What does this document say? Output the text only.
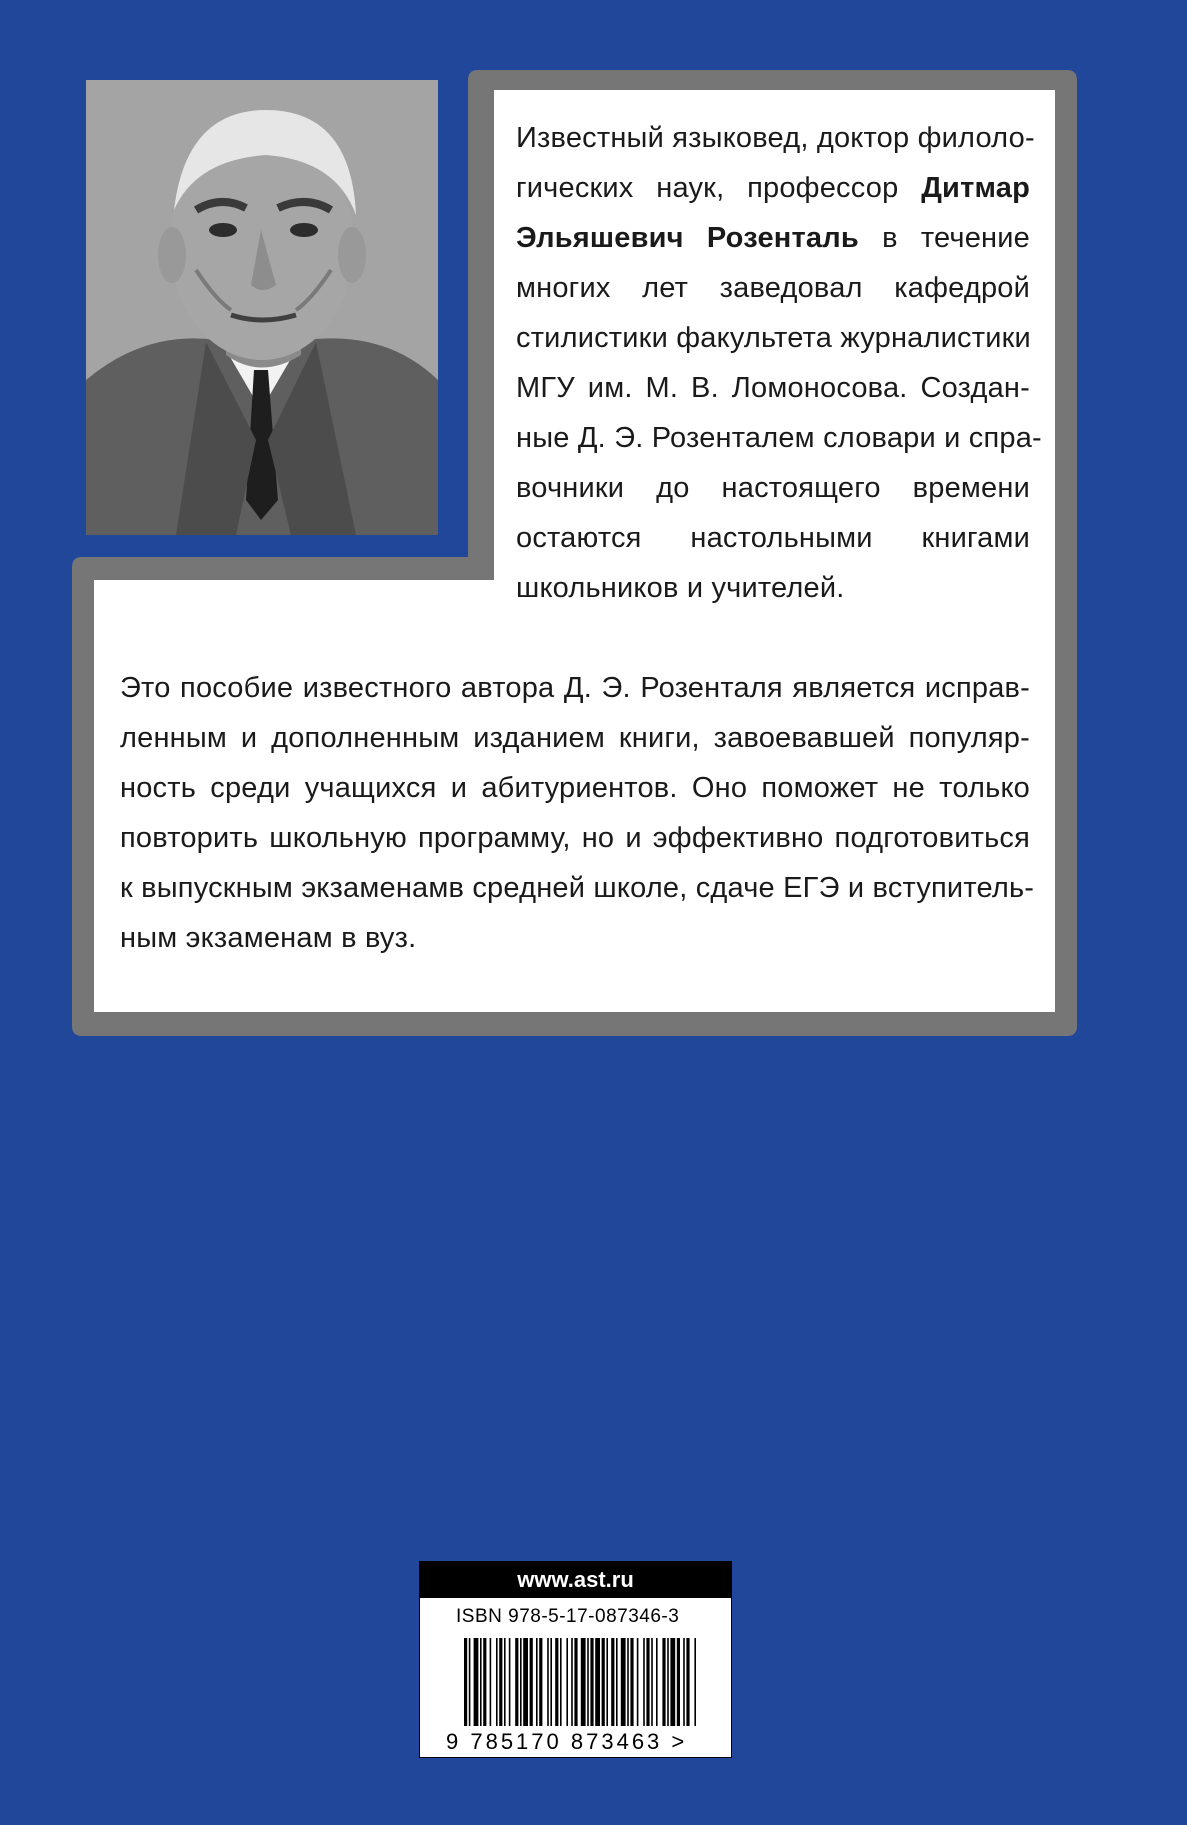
Известный языковед, доктор филоло-
гических наук, профессор Дитмар
Эльяшевич Розенталь в течение
многих лет заведовал кафедрой
стилистики факультета журналистики
МГУ им. М. В. Ломоносова. Создан-
ные Д. Э. Розенталем словари и спра-
вочники до настоящего времени
остаются настольными книгами
школьников и учителей.
Это пособие известного автора Д. Э. Розенталя является исправ-
ленным и дополненным изданием книги, завоевавшей популяр-
ность среди учащихся и абитуриентов. Оно поможет не только
повторить школьную программу, но и эффективно подготовиться
к выпускным экзаменамв средней школе, сдаче ЕГЭ и вступитель-
ным экзаменам в вуз.
www.ast.ru
ISBN 978-5-17-087346-3
9 785170 873463 >
